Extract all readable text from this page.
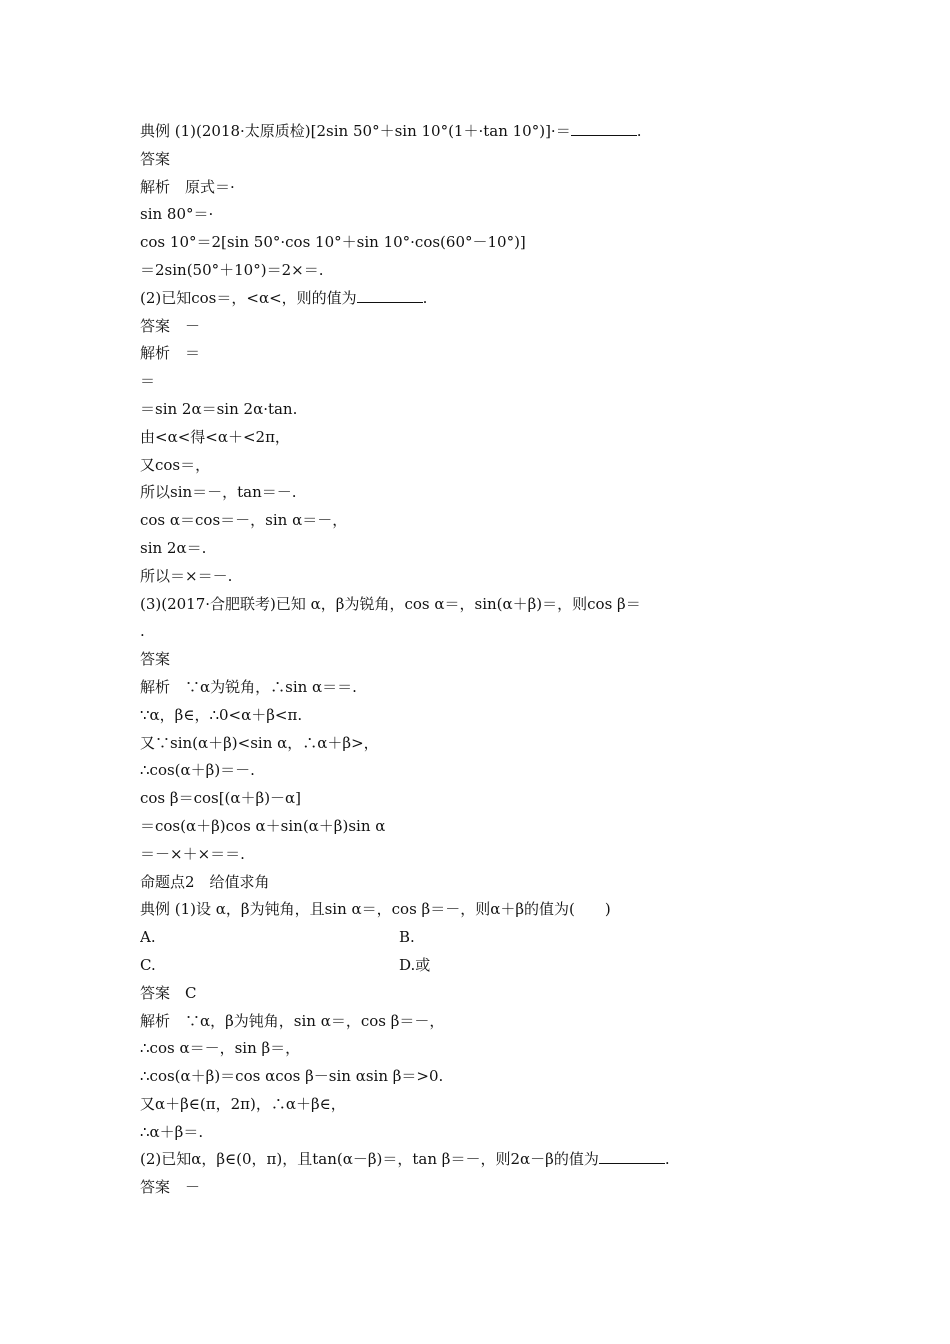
典例 (1)(2018·太原质检)[2sin 50°＋sin 10°(1＋·tan 10°)]·＝	.
答案
解析　原式＝·
sin 80°＝·
cos 10°＝2[sin 50°·cos 10°＋sin 10°·cos(60°－10°)]
＝2sin(50°＋10°)＝2×＝.
(2)已知cos＝，<α<，则的值为	.
答案　－
解析　＝
＝
＝sin 2α＝sin 2α·tan.
由<α<得<α＋<2π，
又cos＝，
所以sin＝－，tan＝－.
cos α＝cos＝－，sin α＝－，
sin 2α＝.
所以＝×＝－.
(3)(2017·合肥联考)已知 α，β为锐角，cos α＝，sin(α＋β)＝，则cos β＝
.
答案
解析　∵α为锐角，∴sin α＝＝.
∵α，β∈，∴0<α＋β<π.
又∵sin(α＋β)<sin α，∴α＋β>，
∴cos(α＋β)＝－.
cos β＝cos[(α＋β)－α]
＝cos(α＋β)cos α＋sin(α＋β)sin α
＝－×＋×＝＝.
命题点2　给值求角
典例 (1)设 α，β为钝角，且sin α＝，cos β＝－，则α＋β的值为(　　)
A.	B.
C.	D.或
答案　C
解析　∵α，β为钝角，sin α＝，cos β＝－，
∴cos α＝－，sin β＝，
∴cos(α＋β)＝cos αcos β－sin αsin β＝>0.
又α＋β∈(π，2π)，∴α＋β∈，
∴α＋β＝.
(2)已知α，β∈(0，π)，且tan(α－β)＝，tan β＝－，则2α－β的值为	.
答案　－
